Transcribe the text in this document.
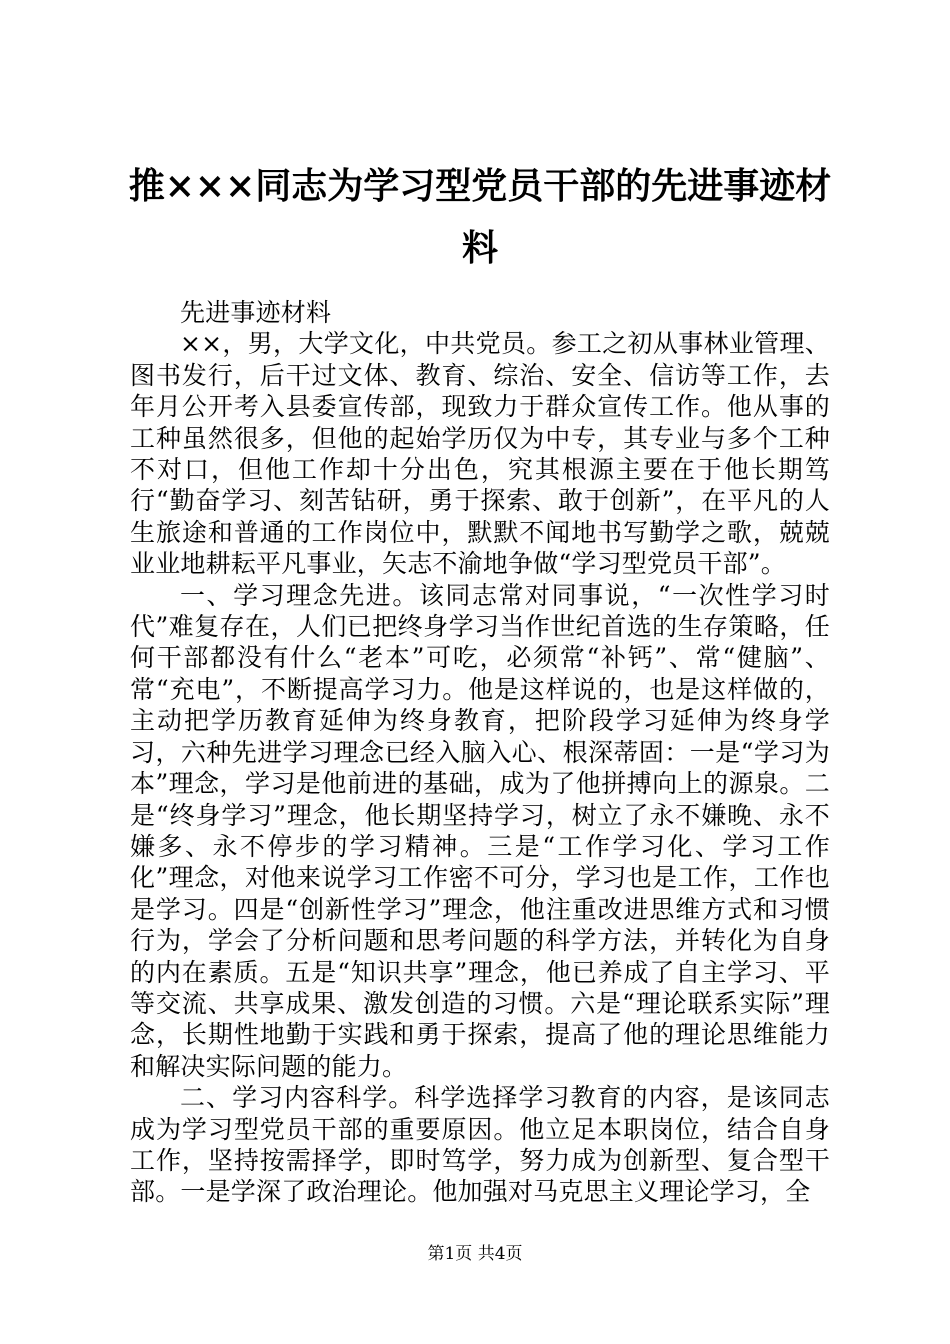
推×××同志为学习型党员干部的先进事迹材料

先进事迹材料

××，男，大学文化，中共党员。参工之初从事林业管理、图书发行，后干过文体、教育、综治、安全、信访等工作，去年月公开考入县委宣传部，现致力于群众宣传工作。他从事的工种虽然很多，但他的起始学历仅为中专，其专业与多个工种不对口，但他工作却十分出色，究其根源主要在于他长期笃行“勤奋学习、刻苦钻研，勇于探索、敢于创新”，在平凡的人生旅途和普通的工作岗位中，默默不闻地书写勤学之歌，兢兢业业地耕耘平凡事业，矢志不渝地争做“学习型党员干部”。

一、学习理念先进。该同志常对同事说，“一次性学习时代”难复存在，人们已把终身学习当作世纪首选的生存策略，任何干部都没有什么“老本”可吃，必须常“补钙”、常“健脑”、常“充电”，不断提高学习力。他是这样说的，也是这样做的，主动把学历教育延伸为终身教育，把阶段学习延伸为终身学习，六种先进学习理念已经入脑入心、根深蒂固：一是“学习为本”理念，学习是他前进的基础，成为了他拼搏向上的源泉。二是“终身学习”理念，他长期坚持学习，树立了永不嫌晚、永不嫌多、永不停步的学习精神。三是“工作学习化、学习工作化”理念，对他来说学习工作密不可分，学习也是工作，工作也是学习。四是“创新性学习”理念，他注重改进思维方式和习惯行为，学会了分析问题和思考问题的科学方法，并转化为自身的内在素质。五是“知识共享”理念，他已养成了自主学习、平等交流、共享成果、激发创造的习惯。六是“理论联系实际”理念，长期性地勤于实践和勇于探索，提高了他的理论思维能力和解决实际问题的能力。

二、学习内容科学。科学选择学习教育的内容，是该同志成为学习型党员干部的重要原因。他立足本职岗位，结合自身工作，坚持按需择学，即时笃学，努力成为创新型、复合型干部。一是学深了政治理论。他加强对马克思主义理论学习，全

第1页 共4页
